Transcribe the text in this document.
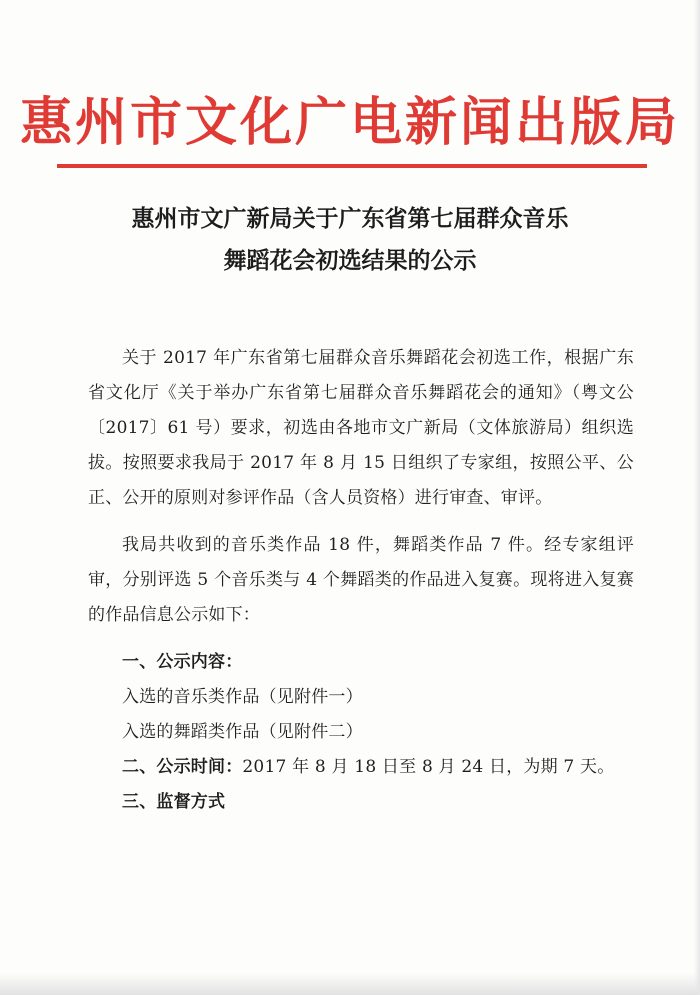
惠州市文化广电新闻出版局
惠州市文广新局关于广东省第七届群众音乐
舞蹈花会初选结果的公示

关于 2017 年广东省第七届群众音乐舞蹈花会初选工作，根据广东省文化厅《关于举办广东省第七届群众音乐舞蹈花会的通知》（粤文公〔2017〕61 号）要求，初选由各地市文广新局（文体旅游局）组织选拔。按照要求我局于 2017 年 8 月 15 日组织了专家组，按照公平、公正、公开的原则对参评作品（含人员资格）进行审查、审评。

我局共收到的音乐类作品 18 件，舞蹈类作品 7 件。经专家组评审，分别评选 5 个音乐类与 4 个舞蹈类的作品进入复赛。现将进入复赛的作品信息公示如下：

一、公示内容：

入选的音乐类作品（见附件一）

入选的舞蹈类作品（见附件二）

二、公示时间：2017 年 8 月 18 日至 8 月 24 日，为期 7 天。

三、监督方式
